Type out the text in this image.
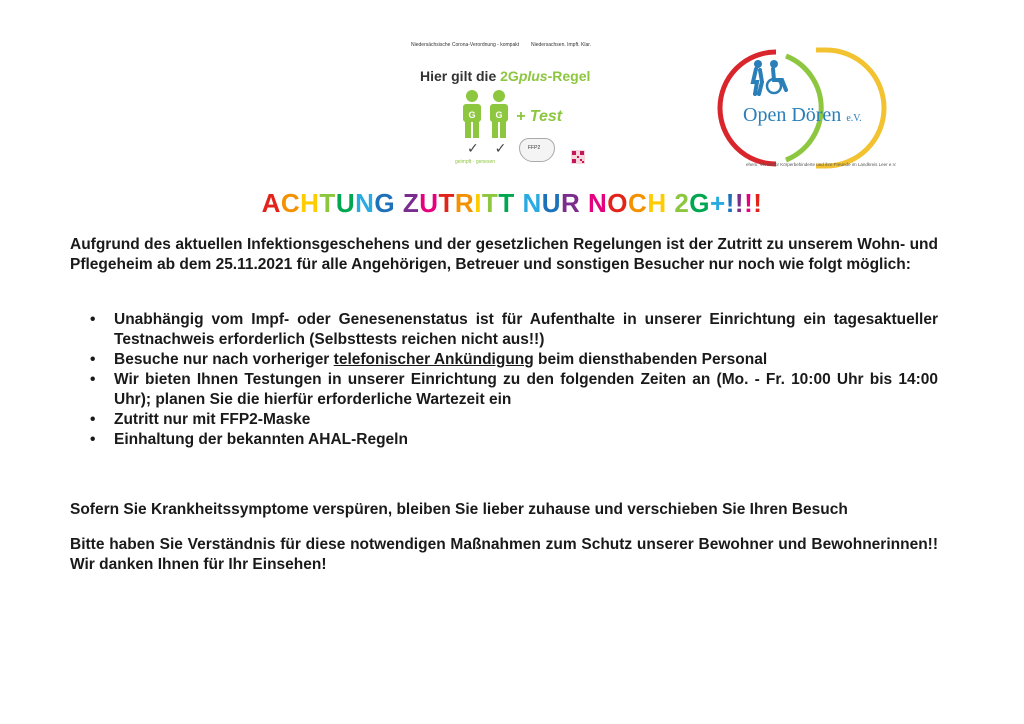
Niedersächsische Corona-Verordnung - kompakt Niedersachsen. Impft. Klar.
Hier gilt die 2Gplus-Regel
G G + Test
✓ ✓
geimpft · genesen
FFP2
Open Dören e.V.
ehem. Verein für Körperbehinderte und ihre Freunde im Landkreis Leer e.V.
ACHTUNG ZUTRITT NUR NOCH 2G+!!!!
Aufgrund des aktuellen Infektionsgeschehens und der gesetzlichen Regelungen ist der Zutritt zu unserem Wohn- und Pflegeheim ab dem 25.11.2021 für alle Angehörigen, Betreuer und sonstigen Besucher nur noch wie folgt möglich:
• Unabhängig vom Impf- oder Genesenenstatus ist für Aufenthalte in unserer Einrichtung ein tagesaktueller Testnachweis erforderlich (Selbsttests reichen nicht aus!!)
• Besuche nur nach vorheriger telefonischer Ankündigung beim diensthabenden Personal
• Wir bieten Ihnen Testungen in unserer Einrichtung zu den folgenden Zeiten an (Mo. - Fr. 10:00 Uhr bis 14:00 Uhr); planen Sie die hierfür erforderliche Wartezeit ein
• Zutritt nur mit FFP2-Maske
• Einhaltung der bekannten AHAL-Regeln
Sofern Sie Krankheitssymptome verspüren, bleiben Sie lieber zuhause und verschieben Sie Ihren Besuch
Bitte haben Sie Verständnis für diese notwendigen Maßnahmen zum Schutz unserer Bewohner und Bewohnerinnen!! Wir danken Ihnen für Ihr Einsehen!
